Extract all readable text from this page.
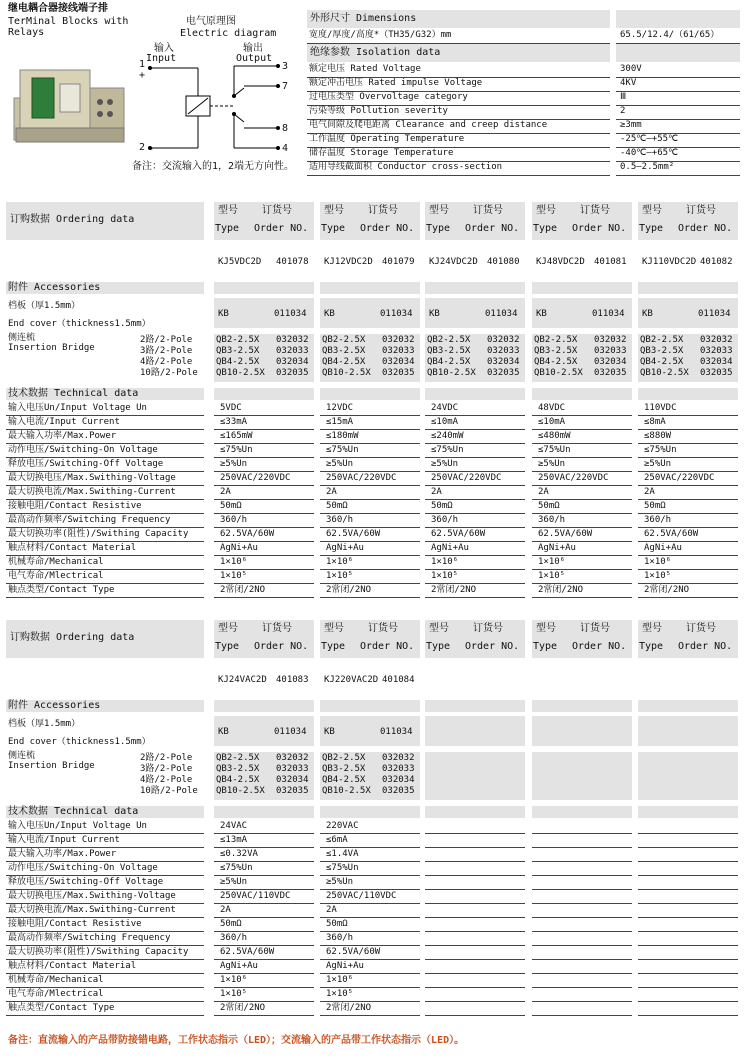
继电耦合器接线端子排
TerMinal Blocks with
Relays
电气原理图
Electric diagram
输入
Input
输出
Output
1
+
2 -
3
7
8
4
备注：交流输入的1，2端无方向性。
外形尺寸 Dimensions
宽度/厚度/高度*（TH35/G32）mm	65.5/12.4/（61/65）
绝缘参数 Isolation data
额定电压 Rated Voltage	300V
额定冲击电压 Rated impulse Voltage	4KV
过电压类型 Overvoltage category	Ⅲ
污染等级 Pollution severity	2
电气间隙及爬电距离 Clearance and creep distance	≥3mm
工作温度 Operating Temperature	-25℃—+55℃
储存温度 Storage Temperature	-40℃—+65℃
适用导线截面积 Conductor cross-section	0.5—2.5mm²
订购数据 Ordering data
型号 订货号
Type Order NO.
型号 订货号
Type Order NO.
型号 订货号
Type Order NO.
型号 订货号
Type Order NO.
型号 订货号
Type Order NO.
KJ5VDC2D 401078 KJ12VDC2D 401079 KJ24VDC2D 401080 KJ48VDC2D 401081 KJ110VDC2D 401082
附件 Accessories
档板（厚1.5mm）
End cover（thickness1.5mm）
KB	011034 KB	011034 KB	011034 KB	011034 KB	011034
侧连梳
Insertion Bridge
2路/2-Pole	QB2-2.5X 032032 QB2-2.5X 032032 QB2-2.5X 032032 QB2-2.5X 032032 QB2-2.5X 032032
3路/2-Pole	QB3-2.5X 032033 QB3-2.5X 032033 QB3-2.5X 032033 QB3-2.5X 032033 QB3-2.5X 032033
4路/2-Pole	QB4-2.5X 032034 QB4-2.5X 032034 QB4-2.5X 032034 QB4-2.5X 032034 QB4-2.5X 032034
10路/2-Pole QB10-2.5X 032035 QB10-2.5X 032035 QB10-2.5X 032035 QB10-2.5X 032035 QB10-2.5X 032035
技术数据 Technical data
输入电压Un/Input Voltage Un	5VDC	12VDC	24VDC	48VDC	110VDC
输入电流/Input Current	≤33mA	≤15mA	≤10mA	≤10mA	≤8mA
最大输入功率/Max.Power	≤165mW	≤180mW	≤240mW	≤480mW	≤880W
动作电压/Switching-On Voltage	≤75%Un	≤75%Un	≤75%Un	≤75%Un	≤75%Un
释放电压/Switching-Off Voltage	≥5%Un	≥5%Un	≥5%Un	≥5%Un	≥5%Un
最大切换电压/Max.Swithing-Voltage	250VAC/220VDC	250VAC/220VDC	250VAC/220VDC	250VAC/220VDC	250VAC/220VDC
最大切换电流/Max.Swithing-Current	2A	2A	2A	2A	2A
接触电阻/Contact Resistive	50mΩ	50mΩ	50mΩ	50mΩ	50mΩ
最高动作频率/Switching Frequency	360/h	360/h	360/h	360/h	360/h
最大切换功率(阻性)/Swithing Capacity	62.5VA/60W	62.5VA/60W	62.5VA/60W	62.5VA/60W	62.5VA/60W
触点材料/Contact Material	AgNi+Au	AgNi+Au	AgNi+Au	AgNi+Au	AgNi+Au
机械寿命/Mechanical	1×10⁶	1×10⁶	1×10⁶	1×10⁶	1×10⁶
电气寿命/Mlectrical	1×10⁵	1×10⁵	1×10⁵	1×10⁵	1×10⁵
触点类型/Contact Type	2常闭/2NO	2常闭/2NO	2常闭/2NO	2常闭/2NO	2常闭/2NO
订购数据 Ordering data
型号 订货号
Type Order NO.
型号 订货号
Type Order NO.
型号 订货号
Type Order NO.
型号 订货号
Type Order NO.
型号 订货号
Type Order NO.
KJ24VAC2D 401083 KJ220VAC2D 401084
附件 Accessories
档板（厚1.5mm）
End cover（thickness1.5mm）
KB	011034 KB	011034
侧连梳
Insertion Bridge
2路/2-Pole	QB2-2.5X 032032 QB2-2.5X 032032
3路/2-Pole	QB3-2.5X 032033 QB3-2.5X 032033
4路/2-Pole	QB4-2.5X 032034 QB4-2.5X 032034
10路/2-Pole QB10-2.5X 032035 QB10-2.5X 032035
技术数据 Technical data
输入电压Un/Input Voltage Un	24VAC	220VAC
输入电流/Input Current	≤13mA	≤6mA
最大输入功率/Max.Power	≤0.32VA	≤1.4VA
动作电压/Switching-On Voltage	≤75%Un	≤75%Un
释放电压/Switching-Off Voltage	≥5%Un	≥5%Un
最大切换电压/Max.Swithing-Voltage	250VAC/110VDC	250VAC/110VDC
最大切换电流/Max.Swithing-Current	2A	2A
接触电阻/Contact Resistive	50mΩ	50mΩ
最高动作频率/Switching Frequency	360/h	360/h
最大切换功率(阻性)/Swithing Capacity	62.5VA/60W	62.5VA/60W
触点材料/Contact Material	AgNi+Au	AgNi+Au
机械寿命/Mechanical	1×10⁶	1×10⁶
电气寿命/Mlectrical	1×10⁵	1×10⁵
触点类型/Contact Type	2常闭/2NO	2常闭/2NO
备注：直流输入的产品带防接错电路，工作状态指示（LED）；交流输入的产品带工作状态指示（LED）。
